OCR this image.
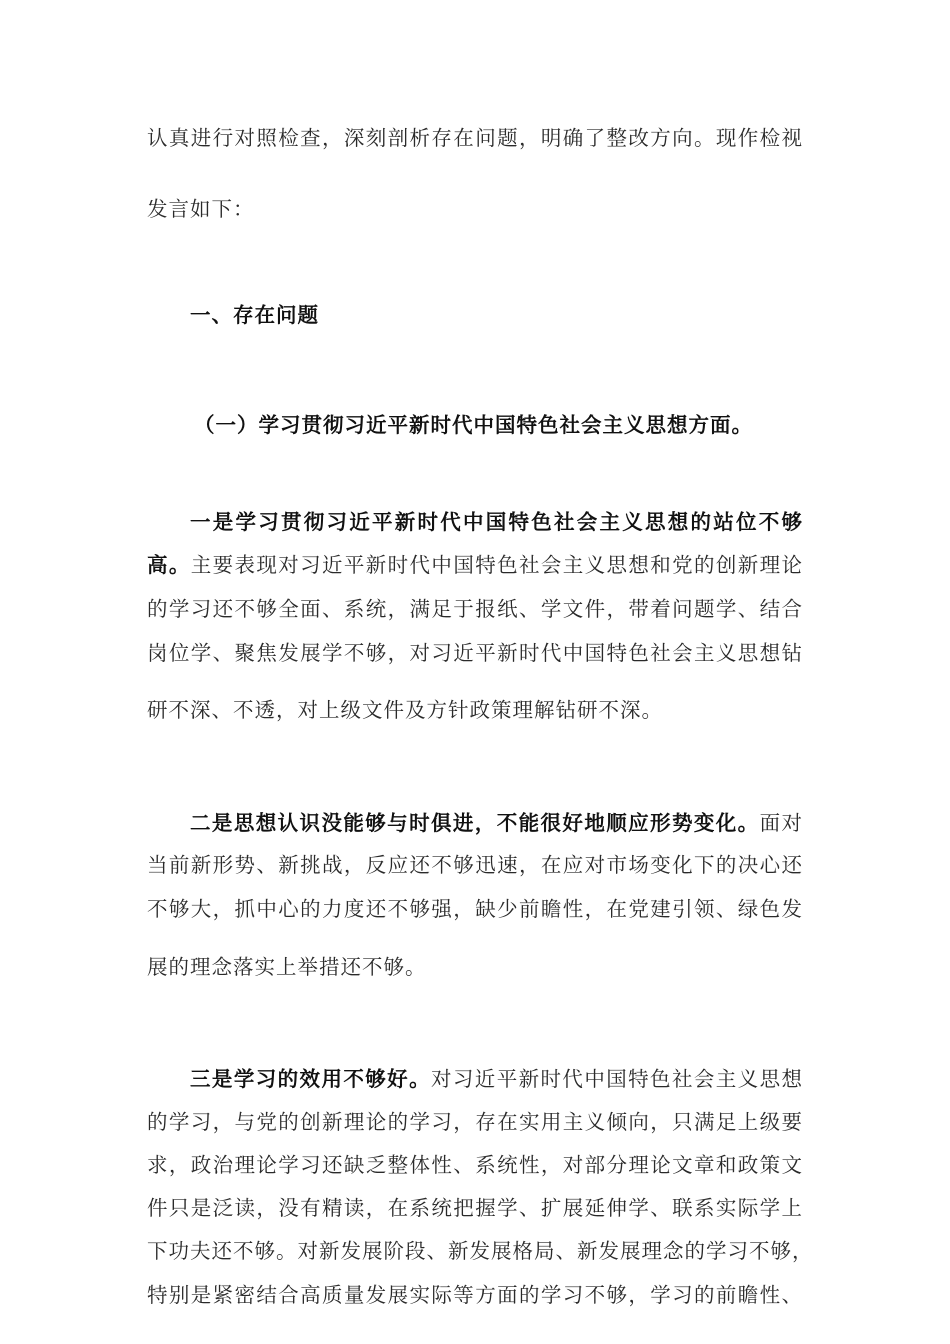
认真进行对照检查，深刻剖析存在问题，明确了整改方向。现作检视
发言如下：
一、存在问题
（一）学习贯彻习近平新时代中国特色社会主义思想方面。
一是学习贯彻习近平新时代中国特色社会主义思想的站位不够
高。主要表现对习近平新时代中国特色社会主义思想和党的创新理论
的学习还不够全面、系统，满足于报纸、学文件，带着问题学、结合
岗位学、聚焦发展学不够，对习近平新时代中国特色社会主义思想钻
研不深、不透，对上级文件及方针政策理解钻研不深。
二是思想认识没能够与时俱进，不能很好地顺应形势变化。面对
当前新形势、新挑战，反应还不够迅速，在应对市场变化下的决心还
不够大，抓中心的力度还不够强，缺少前瞻性，在党建引领、绿色发
展的理念落实上举措还不够。
三是学习的效用不够好。对习近平新时代中国特色社会主义思想
的学习，与党的创新理论的学习，存在实用主义倾向，只满足上级要
求，政治理论学习还缺乏整体性、系统性，对部分理论文章和政策文
件只是泛读，没有精读，在系统把握学、扩展延伸学、联系实际学上
下功夫还不够。对新发展阶段、新发展格局、新发展理念的学习不够，
特别是紧密结合高质量发展实际等方面的学习不够，学习的前瞻性、
